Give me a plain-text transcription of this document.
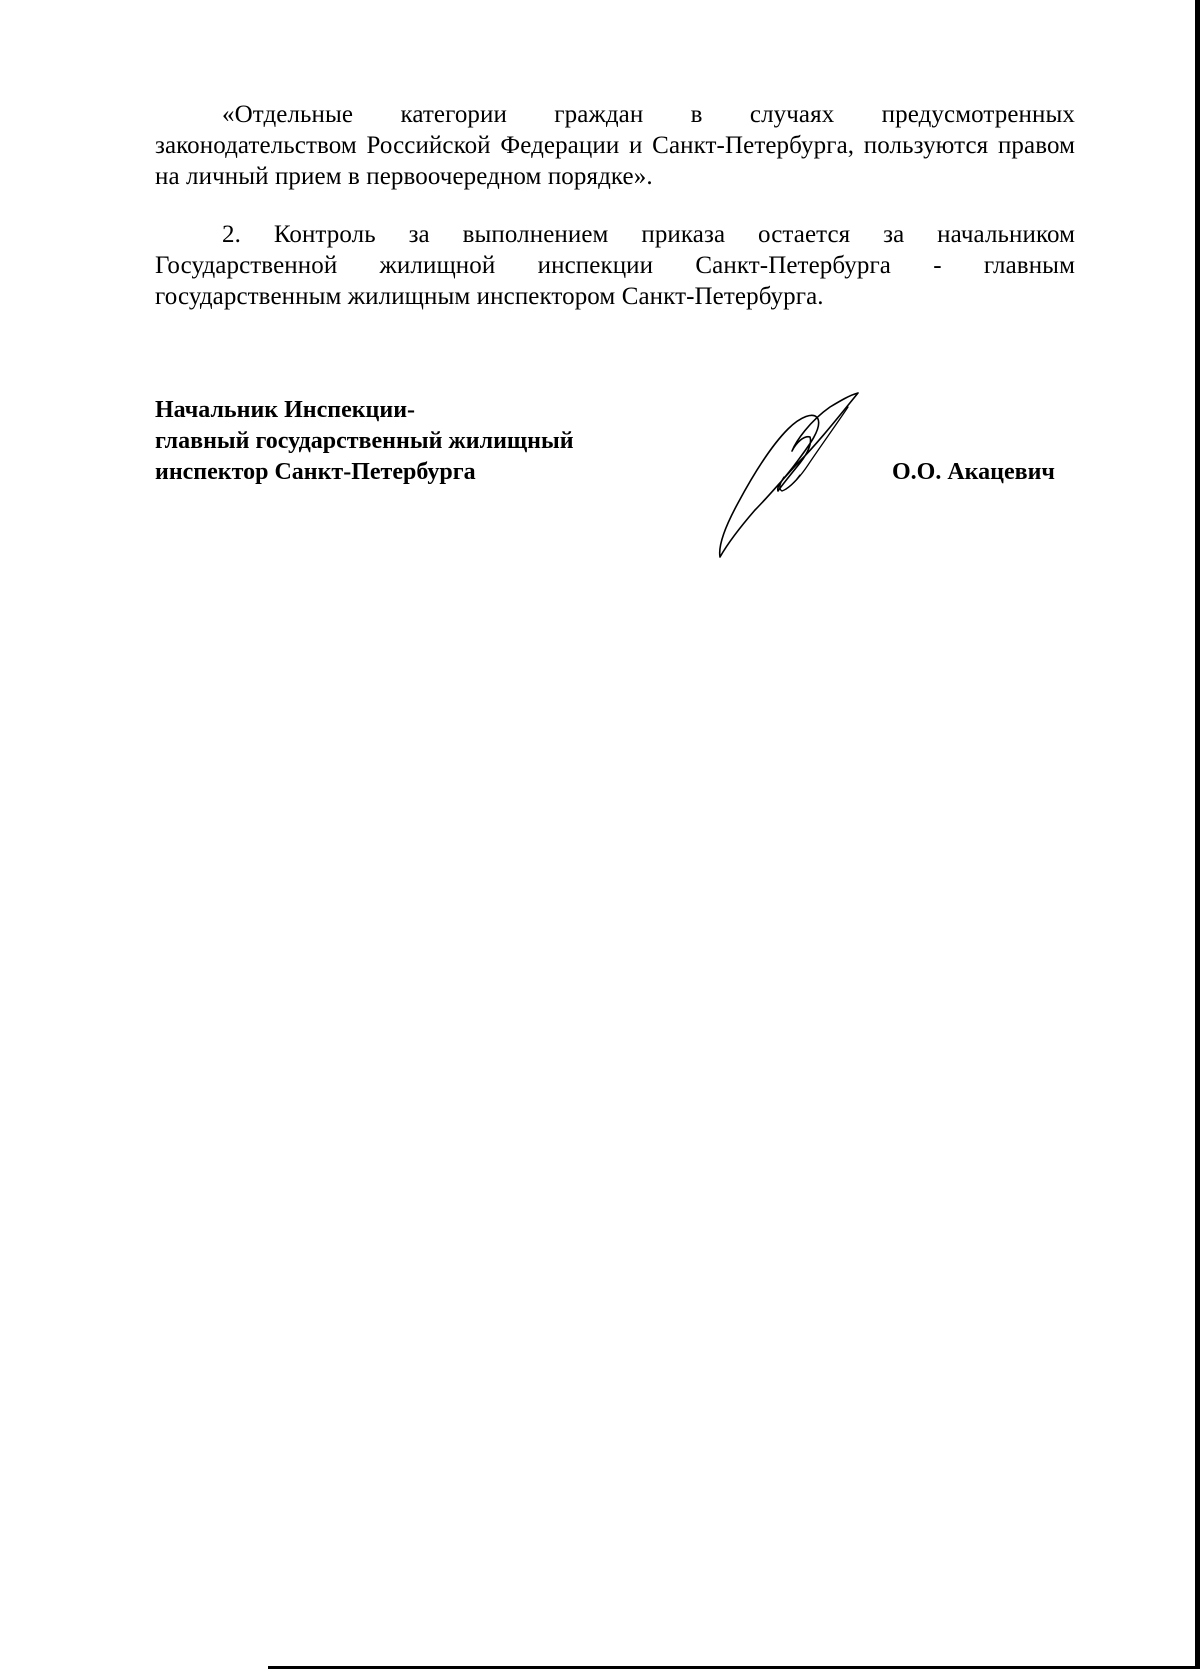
«Отдельные категории граждан в случаях предусмотренных законодательством Российской Федерации и Санкт-Петербурга, пользуются правом на личный прием в первоочередном порядке».

2. Контроль за выполнением приказа остается за начальником Государственной жилищной инспекции Санкт-Петербурга - главным государственным жилищным инспектором Санкт-Петербурга.

Начальник Инспекции-
главный государственный жилищный
инспектор Санкт-Петербурга	О.О. Акацевич
